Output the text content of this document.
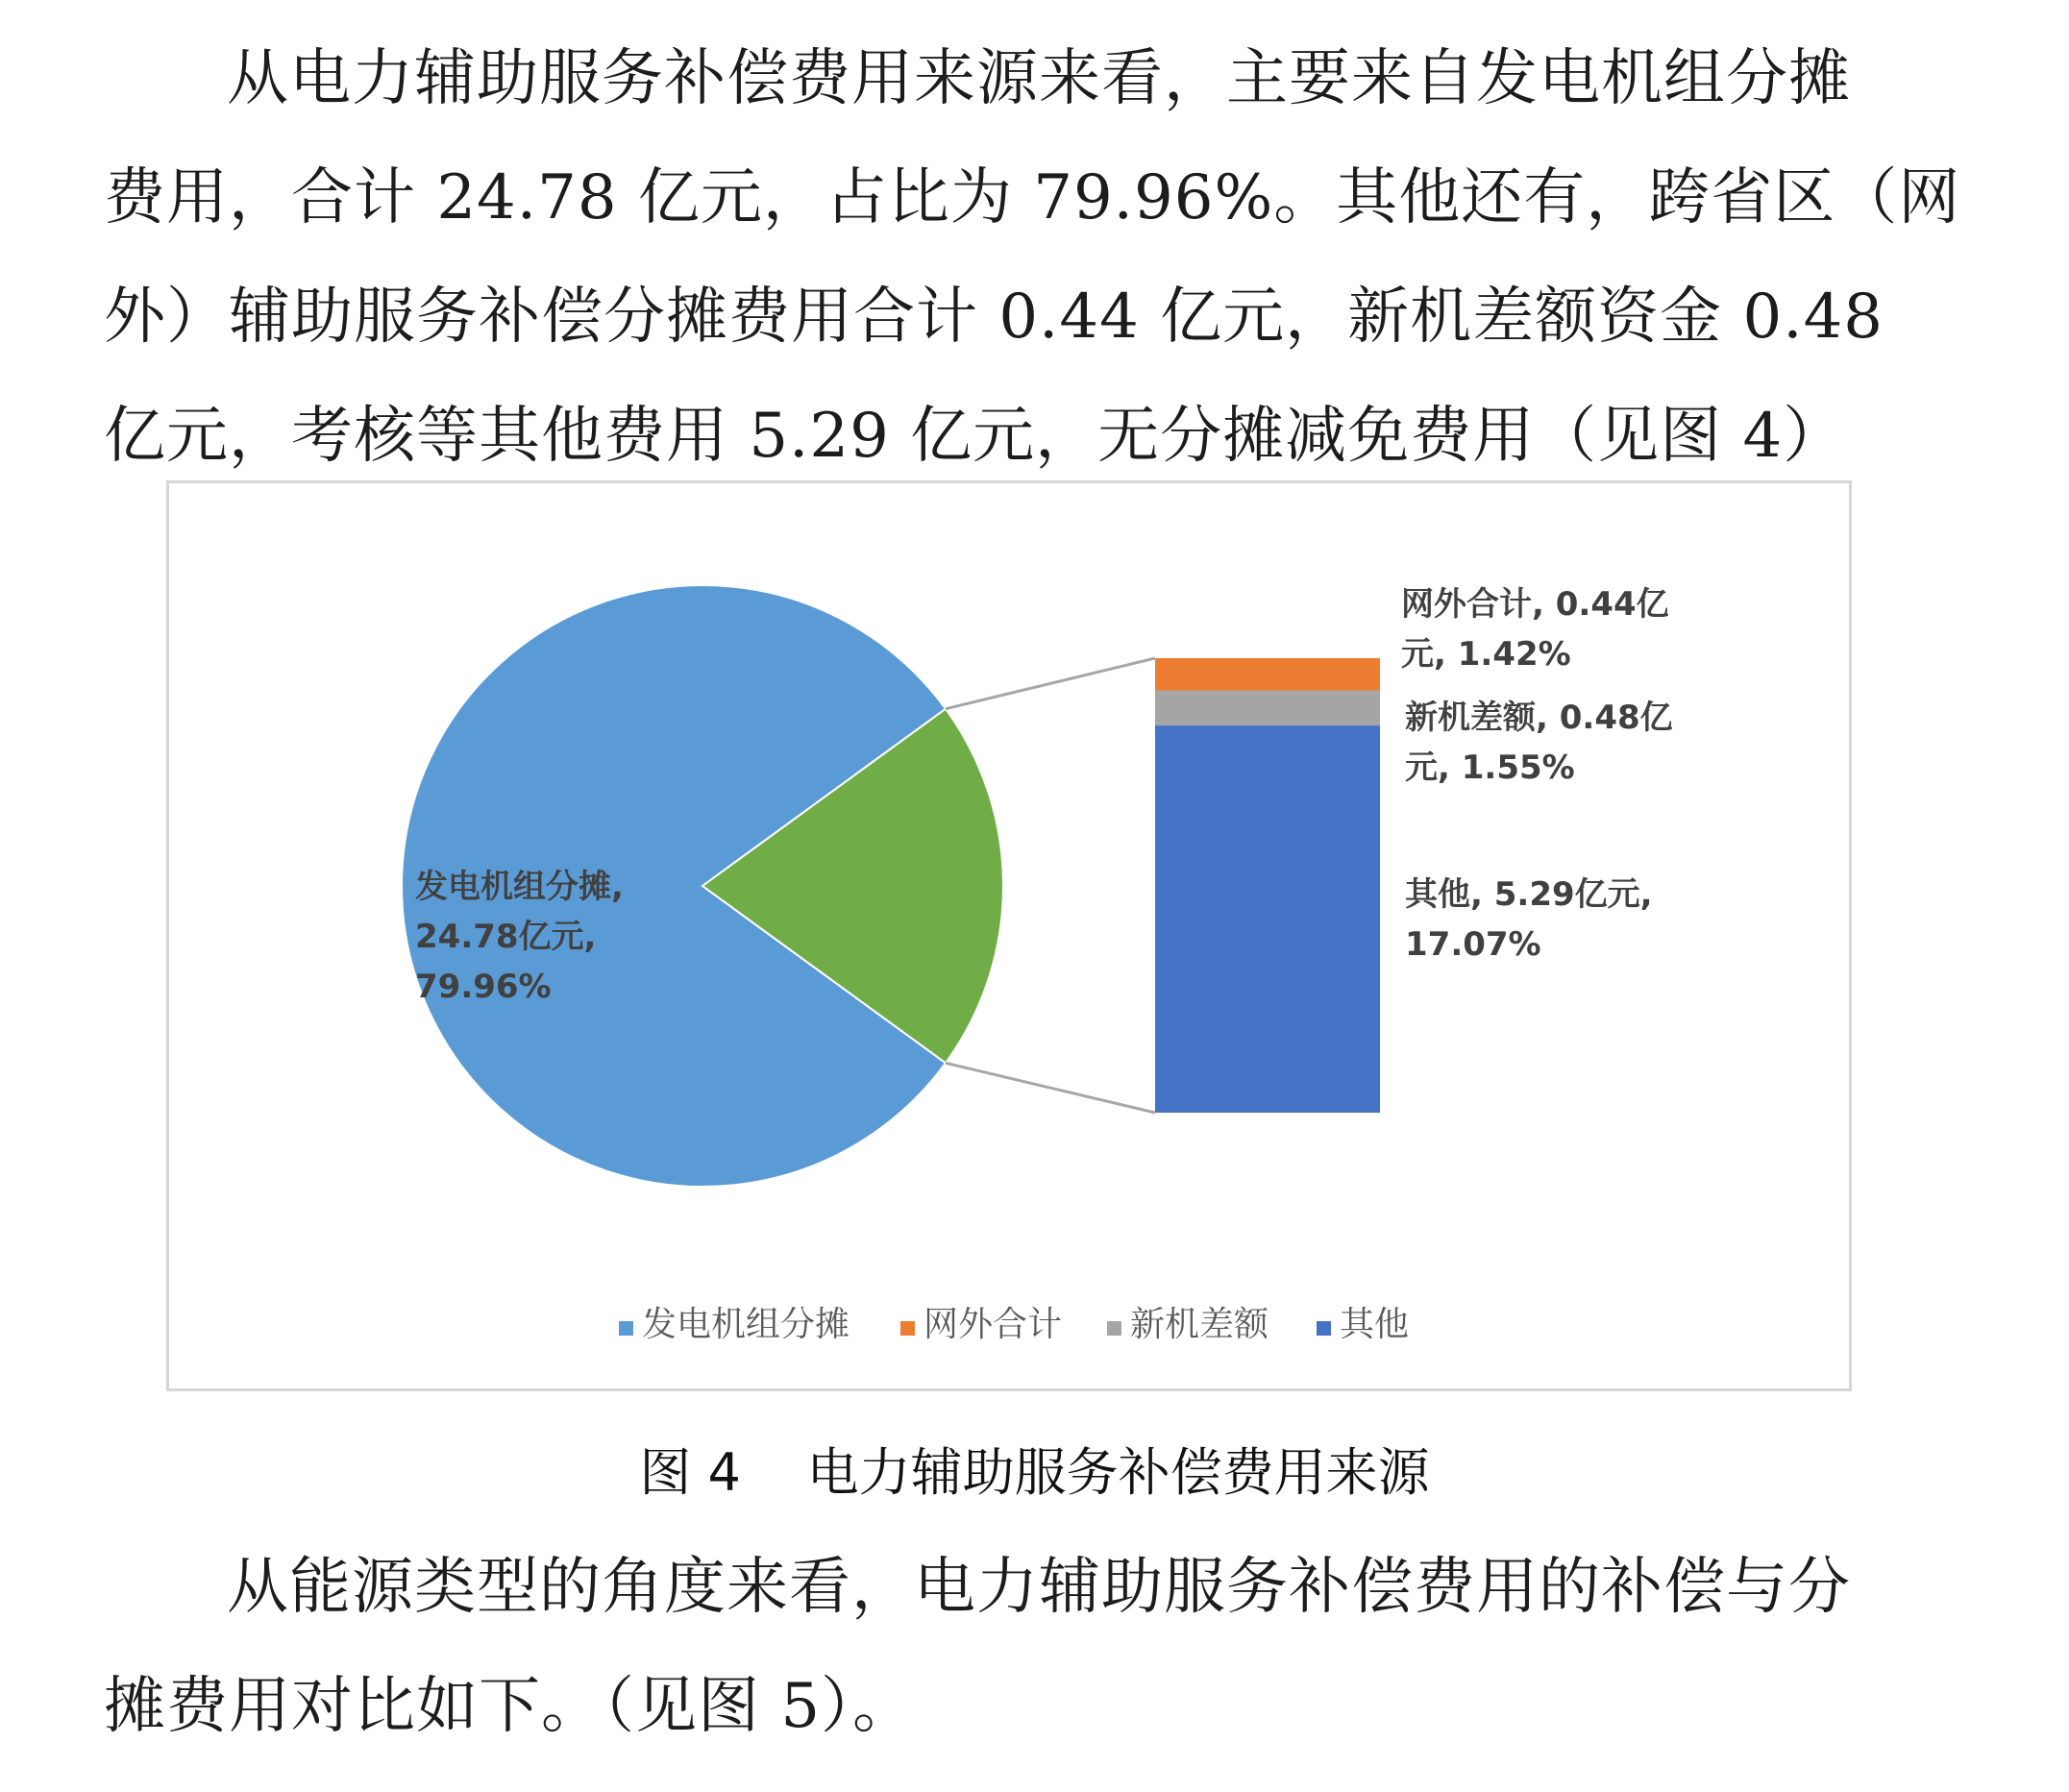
从电力辅助服务补偿费用来源来看，主要来自发电机组分摊
费用，合计 24.78 亿元，占比为 79.96%。其他还有，跨省区（网
外）辅助服务补偿分摊费用合计 0.44 亿元，新机差额资金 0.48
亿元，考核等其他费用 5.29 亿元，无分摊减免费用（见图 4）
发电机组分摊, 24.78亿元, 79.96%
网外合计, 0.44亿元, 1.42%
新机差额, 0.48亿元, 1.55%
其他, 5.29亿元, 17.07%
发电机组分摊 网外合计 新机差额 其他
图 4 电力辅助服务补偿费用来源
从能源类型的角度来看，电力辅助服务补偿费用的补偿与分
摊费用对比如下。（见图 5）。
